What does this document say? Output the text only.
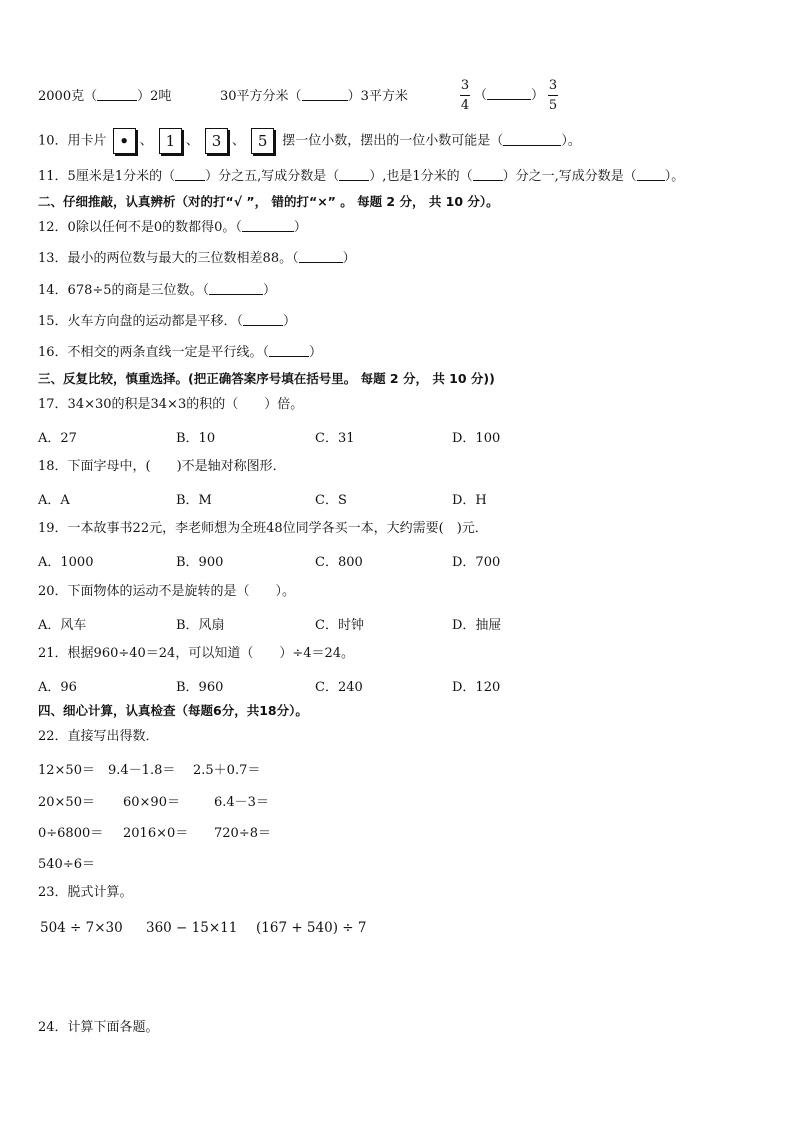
2000克（	）2吨	30平方分米（	）3平方米	$\frac{3}{4}$ （	） $\frac{3}{5}$
10．用卡片 • 、 1 、 3 、 5 摆一位小数，摆出的一位小数可能是（	）。
11．5厘米是1分米的（ ）分之五,写成分数是（ ）,也是1分米的（ ）分之一,写成分数是（ ）。
二、仔细推敲，认真辨析（对的打“√ ”， 错的打“×” 。 每题 2 分， 共 10 分）。
12．0除以任何不是0的数都得0。（	）
13．最小的两位数与最大的三位数相差88。（	）
14．678÷5的商是三位数。（	）
15．火车方向盘的运动都是平移．（	）
16．不相交的两条直线一定是平行线。（	）
三、反复比较，慎重选择。(把正确答案序号填在括号里。 每题 2 分， 共 10 分))
17．34×30的积是34×3的积的（　　）倍。
A．27	B．10	C．31	D．100
18．下面字母中，(　　)不是轴对称图形．
A．A	B．M	C．S	D．H
19．一本故事书22元，李老师想为全班48位同学各买一本，大约需要(　)元．
A．1000	B．900	C．800	D．700
20．下面物体的运动不是旋转的是（　　）。
A．风车	B．风扇	C．时钟	D．抽屉
21．根据960÷40＝24，可以知道（　　）÷4＝24。
A．96	B．960	C．240	D．120
四、细心计算，认真检查（每题6分，共18分）。
22．直接写出得数．
12×50＝ 9.4－1.8＝ 2.5＋0.7＝
20×50＝ 60×90＝	6.4－3＝
0÷6800＝ 2016×0＝ 720÷8＝
540÷6＝
23．脱式计算。
504 ÷ 7×30 360 − 15×11 (167 + 540) ÷ 7
24．计算下面各题。
